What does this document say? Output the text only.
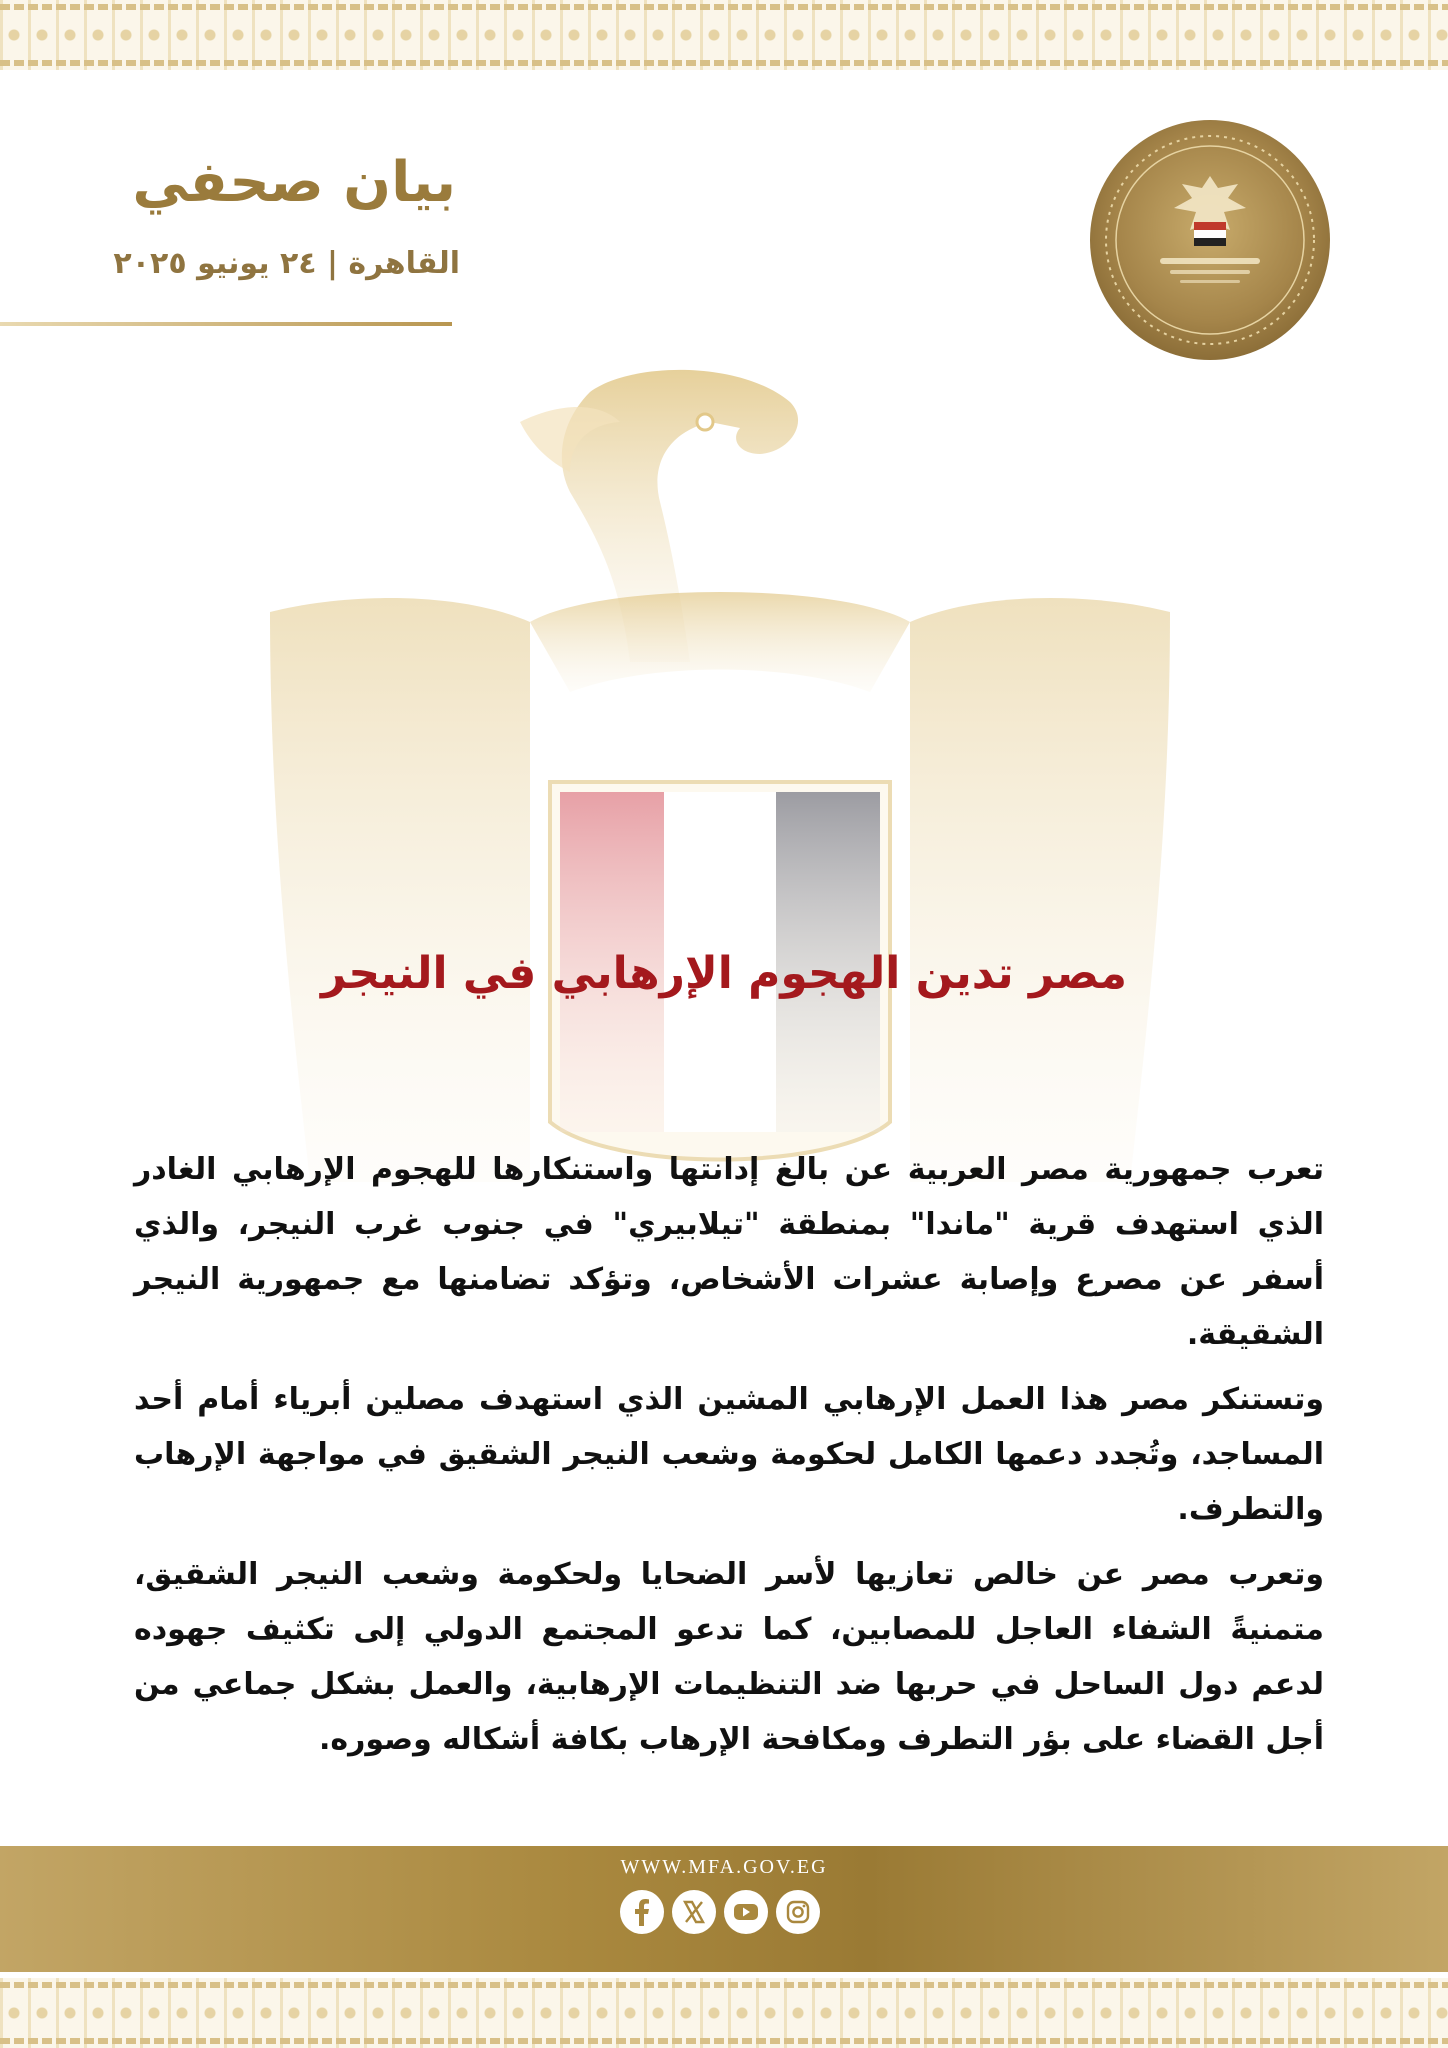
بيان صحفي
القاهرة | ٢٤ يونيو ٢٠٢٥
مصر تدين الهجوم الإرهابي في النيجر

تعرب جمهورية مصر العربية عن بالغ إدانتها واستنكارها للهجوم الإرهابي الغادر الذي استهدف قرية "ماندا" بمنطقة "تيلابيري" في جنوب غرب النيجر، والذي أسفر عن مصرع وإصابة عشرات الأشخاص، وتؤكد تضامنها مع جمهورية النيجر الشقيقة.

وتستنكر مصر هذا العمل الإرهابي المشين الذي استهدف مصلين أبرياء أمام أحد المساجد، وتُجدد دعمها الكامل لحكومة وشعب النيجر الشقيق في مواجهة الإرهاب والتطرف.

وتعرب مصر عن خالص تعازيها لأسر الضحايا ولحكومة وشعب النيجر الشقيق، متمنيةً الشفاء العاجل للمصابين، كما تدعو المجتمع الدولي إلى تكثيف جهوده لدعم دول الساحل في حربها ضد التنظيمات الإرهابية، والعمل بشكل جماعي من أجل القضاء على بؤر التطرف ومكافحة الإرهاب بكافة أشكاله وصوره.

WWW.MFA.GOV.EG
